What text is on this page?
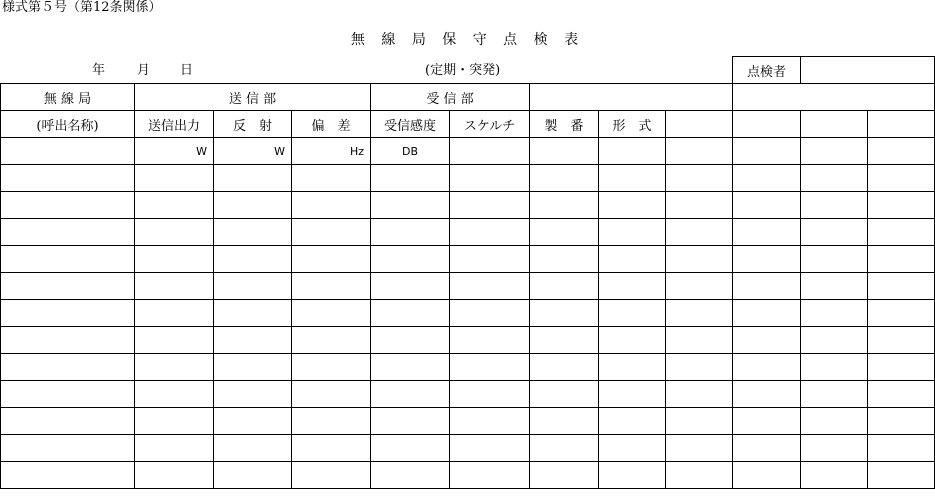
様式第５号（第12条関係）
無 線 局 保 守 点 検 表
年 月 日	(定期・突発)	点検者	
無 線 局	送 信 部			受 信 部							
(呼出名称)	送信出力	反　射	偏　差	受信感度	スケルチ	製　番	形　式				
	W	W	Hz	DB							
